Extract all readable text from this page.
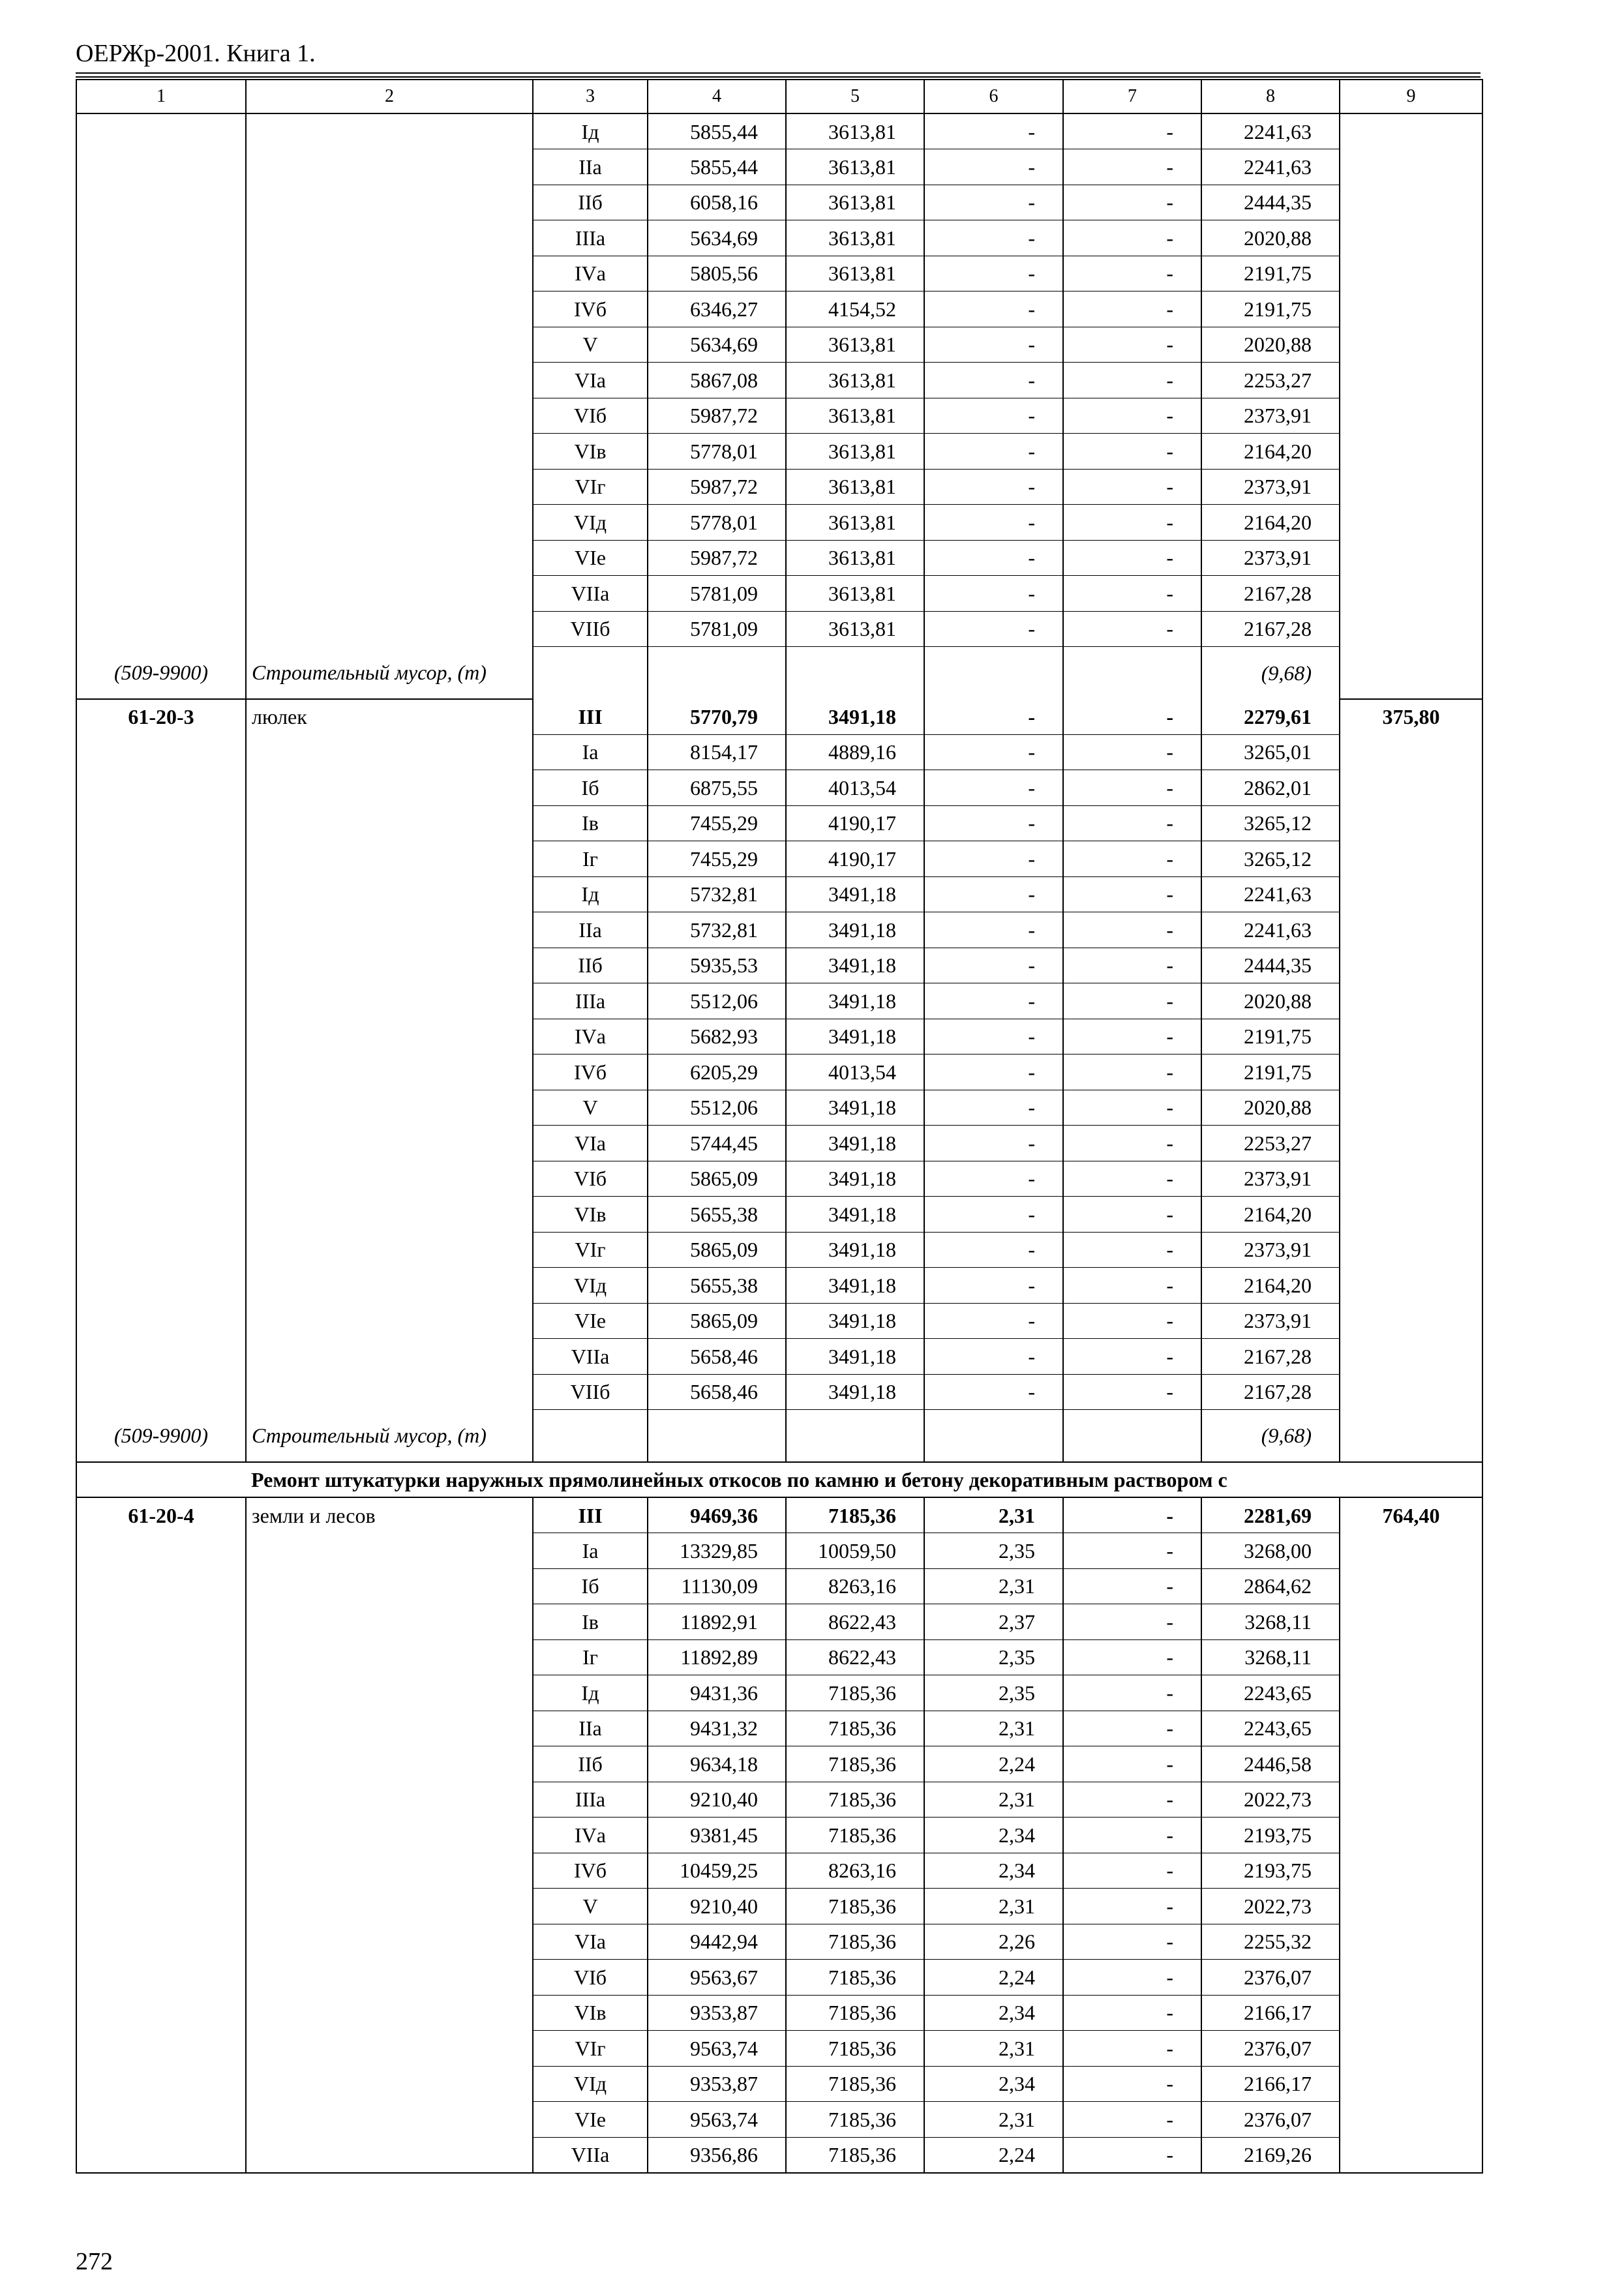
ОЕРЖр-2001. Книга 1.
1	2	3	4	5	6	7	8	9
		Iд	5855,44	3613,81	-	-	2241,63	
		IIа	5855,44	3613,81	-	-	2241,63	
		IIб	6058,16	3613,81	-	-	2444,35	
		IIIа	5634,69	3613,81	-	-	2020,88	
		IVа	5805,56	3613,81	-	-	2191,75	
		IVб	6346,27	4154,52	-	-	2191,75	
		V	5634,69	3613,81	-	-	2020,88	
		VIа	5867,08	3613,81	-	-	2253,27	
		VIб	5987,72	3613,81	-	-	2373,91	
		VIв	5778,01	3613,81	-	-	2164,20	
		VIг	5987,72	3613,81	-	-	2373,91	
		VIд	5778,01	3613,81	-	-	2164,20	
		VIе	5987,72	3613,81	-	-	2373,91	
		VIIа	5781,09	3613,81	-	-	2167,28	
		VIIб	5781,09	3613,81	-	-	2167,28	
(509-9900)	Строительный мусор, (т)						(9,68)	
61-20-3	люлек	III	5770,79	3491,18	-	-	2279,61	375,80
		Iа	8154,17	4889,16	-	-	3265,01	
		Iб	6875,55	4013,54	-	-	2862,01	
		Iв	7455,29	4190,17	-	-	3265,12	
		Iг	7455,29	4190,17	-	-	3265,12	
		Iд	5732,81	3491,18	-	-	2241,63	
		IIа	5732,81	3491,18	-	-	2241,63	
		IIб	5935,53	3491,18	-	-	2444,35	
		IIIа	5512,06	3491,18	-	-	2020,88	
		IVа	5682,93	3491,18	-	-	2191,75	
		IVб	6205,29	4013,54	-	-	2191,75	
		V	5512,06	3491,18	-	-	2020,88	
		VIа	5744,45	3491,18	-	-	2253,27	
		VIб	5865,09	3491,18	-	-	2373,91	
		VIв	5655,38	3491,18	-	-	2164,20	
		VIг	5865,09	3491,18	-	-	2373,91	
		VIд	5655,38	3491,18	-	-	2164,20	
		VIе	5865,09	3491,18	-	-	2373,91	
		VIIа	5658,46	3491,18	-	-	2167,28	
		VIIб	5658,46	3491,18	-	-	2167,28	
(509-9900)	Строительный мусор, (т)						(9,68)	
	Ремонт штукатурки наружных прямолинейных откосов по камню и бетону декоративным раствором с							
61-20-4	земли и лесов	III	9469,36	7185,36	2,31	-	2281,69	764,40
		Iа	13329,85	10059,50	2,35	-	3268,00	
		Iб	11130,09	8263,16	2,31	-	2864,62	
		Iв	11892,91	8622,43	2,37	-	3268,11	
		Iг	11892,89	8622,43	2,35	-	3268,11	
		Iд	9431,36	7185,36	2,35	-	2243,65	
		IIа	9431,32	7185,36	2,31	-	2243,65	
		IIб	9634,18	7185,36	2,24	-	2446,58	
		IIIа	9210,40	7185,36	2,31	-	2022,73	
		IVа	9381,45	7185,36	2,34	-	2193,75	
		IVб	10459,25	8263,16	2,34	-	2193,75	
		V	9210,40	7185,36	2,31	-	2022,73	
		VIа	9442,94	7185,36	2,26	-	2255,32	
		VIб	9563,67	7185,36	2,24	-	2376,07	
		VIв	9353,87	7185,36	2,34	-	2166,17	
		VIг	9563,74	7185,36	2,31	-	2376,07	
		VIд	9353,87	7185,36	2,34	-	2166,17	
		VIе	9563,74	7185,36	2,31	-	2376,07	
		VIIа	9356,86	7185,36	2,24	-	2169,26	
272
